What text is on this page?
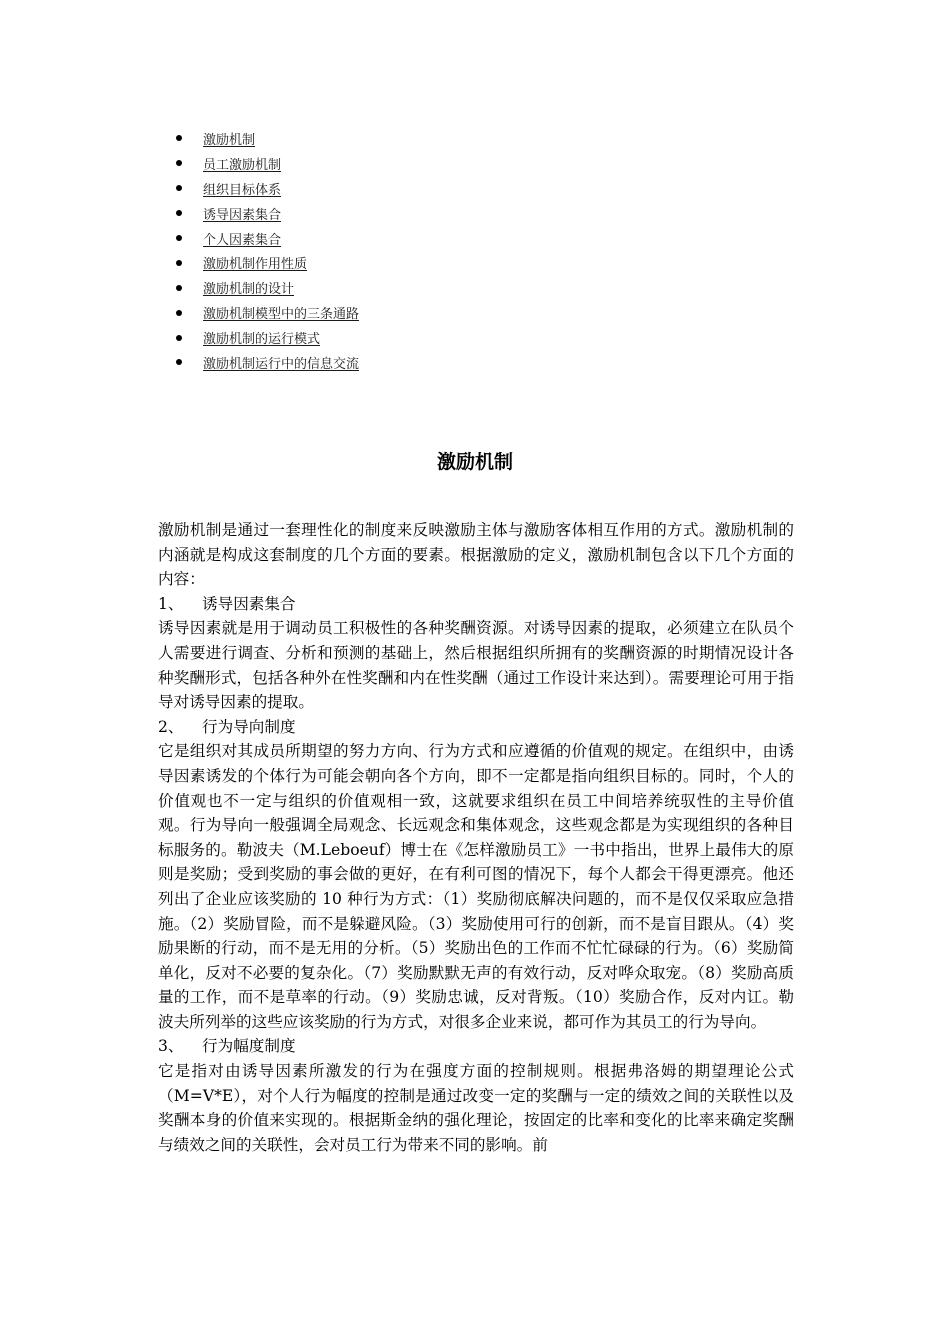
激励机制
员工激励机制
组织目标体系
诱导因素集合
个人因素集合
激励机制作用性质
激励机制的设计
激励机制模型中的三条通路
激励机制的运行模式
激励机制运行中的信息交流
激励机制

激励机制是通过一套理性化的制度来反映激励主体与激励客体相互作用的方式。激励机制的内涵就是构成这套制度的几个方面的要素。根据激励的定义，激励机制包含以下几个方面的内容：

1、	诱导因素集合

诱导因素就是用于调动员工积极性的各种奖酬资源。对诱导因素的提取，必须建立在队员个人需要进行调查、分析和预测的基础上，然后根据组织所拥有的奖酬资源的时期情况设计各种奖酬形式，包括各种外在性奖酬和内在性奖酬（通过工作设计来达到）。需要理论可用于指导对诱导因素的提取。

2、	行为导向制度

它是组织对其成员所期望的努力方向、行为方式和应遵循的价值观的规定。在组织中，由诱导因素诱发的个体行为可能会朝向各个方向，即不一定都是指向组织目标的。同时，个人的价值观也不一定与组织的价值观相一致，这就要求组织在员工中间培养统驭性的主导价值观。行为导向一般强调全局观念、长远观念和集体观念，这些观念都是为实现组织的各种目标服务的。勒波夫（M.Leboeuf）博士在《怎样激励员工》一书中指出，世界上最伟大的原则是奖励；受到奖励的事会做的更好，在有利可图的情况下，每个人都会干得更漂亮。他还列出了企业应该奖励的 10 种行为方式：（1）奖励彻底解决问题的，而不是仅仅采取应急措施。（2）奖励冒险，而不是躲避风险。（3）奖励使用可行的创新，而不是盲目跟从。（4）奖励果断的行动，而不是无用的分析。（5）奖励出色的工作而不忙忙碌碌的行为。（6）奖励简单化，反对不必要的复杂化。（7）奖励默默无声的有效行动，反对哗众取宠。（8）奖励高质量的工作，而不是草率的行动。（9）奖励忠诚，反对背叛。（10）奖励合作，反对内讧。勒波夫所列举的这些应该奖励的行为方式，对很多企业来说，都可作为其员工的行为导向。

3、	行为幅度制度

它是指对由诱导因素所激发的行为在强度方面的控制规则。根据弗洛姆的期望理论公式（M=V*E），对个人行为幅度的控制是通过改变一定的奖酬与一定的绩效之间的关联性以及奖酬本身的价值来实现的。根据斯金纳的强化理论，按固定的比率和变化的比率来确定奖酬与绩效之间的关联性，会对员工行为带来不同的影响。前
